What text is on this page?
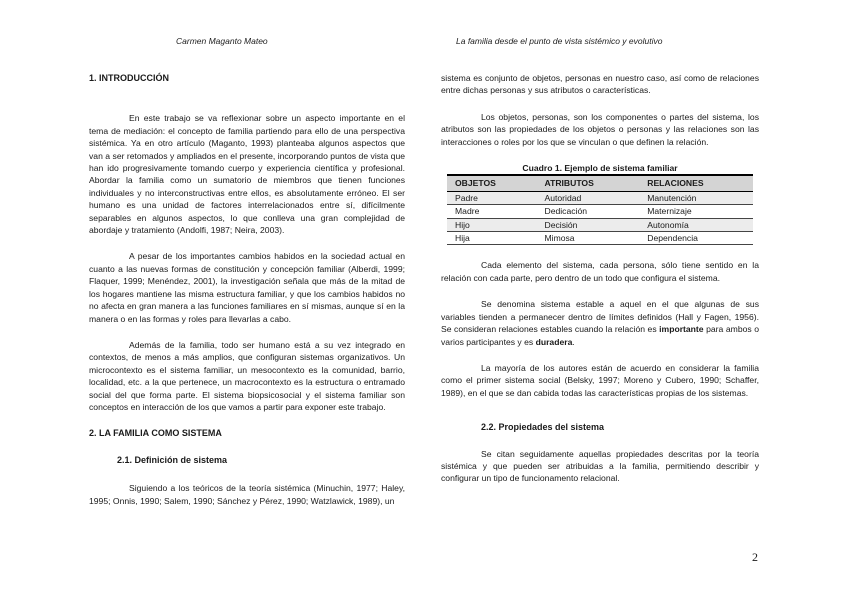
Carmen Maganto Mateo	La familia desde el punto de vista sistémico y evolutivo
1. INTRODUCCIÓN

En este trabajo se va reflexionar sobre un aspecto importante en el tema de mediación: el concepto de familia partiendo para ello de una perspectiva sistémica. Ya en otro artículo (Maganto, 1993) planteaba algunos aspectos que van a ser retomados y ampliados en el presente, incorporando puntos de vista que han ido progresivamente tomando cuerpo y experiencia científica y profesional. Abordar la familia como un sumatorio de miembros que tienen funciones individuales y no interconstructivas entre ellos, es absolutamente erróneo. El ser humano es una unidad de factores interrelacionados entre sí, difícilmente separables en algunos aspectos, lo que conlleva una gran complejidad de abordaje y tratamiento (Andolfi, 1987; Neira, 2003).

A pesar de los importantes cambios habidos en la sociedad actual en cuanto a las nuevas formas de constitución y concepción familiar (Alberdi, 1999; Flaquer, 1999; Menéndez, 2001), la investigación señala que más de la mitad de los hogares mantiene las misma estructura familiar, y que los cambios habidos no no afecta en gran manera a las funciones familiares en sí mismas, aunque sí en la manera o en las formas y roles para llevarlas a cabo.

Además de la familia, todo ser humano está a su vez integrado en contextos, de menos a más amplios, que configuran sistemas organizativos. Un microcontexto es el sistema familiar, un mesocontexto es la comunidad, barrio, localidad, etc. a la que pertenece, un macrocontexto es la estructura o entramado social del que forma parte. El sistema biopsicosocial y el sistema familiar son conceptos en interacción de los que vamos a partir para exponer este trabajo.

2. LA FAMILIA COMO SISTEMA
2.1. Definición de sistema

Siguiendo a los teóricos de la teoría sistémica (Minuchin, 1977; Haley, 1995; Onnis, 1990; Salem, 1990; Sánchez y Pérez, 1990; Watzlawick, 1989), un

sistema es conjunto de objetos, personas en nuestro caso, así como de relaciones entre dichas personas y sus atributos o características.

Los objetos, personas, son los componentes o partes del sistema, los atributos son las propiedades de los objetos o personas y las relaciones son las interacciones o roles por los que se vinculan o que definen la relación.

Cuadro 1. Ejemplo de sistema familiar
OBJETOS	ATRIBUTOS	RELACIONES
Padre	Autoridad	Manutención
Madre	Dedicación	Maternizaje
Hijo	Decisión	Autonomía
Hija	Mimosa	Dependencia

Cada elemento del sistema, cada persona, sólo tiene sentido en la relación con cada parte, pero dentro de un todo que configura el sistema.

Se denomina sistema estable a aquel en el que algunas de sus variables tienden a permanecer dentro de límites definidos (Hall y Fagen, 1956). Se consideran relaciones estables cuando la relación es importante para ambos o varios participantes y es duradera.

La mayoría de los autores están de acuerdo en considerar la familia como el primer sistema social (Belsky, 1997; Moreno y Cubero, 1990; Schaffer, 1989), en el que se dan cabida todas las características propias de los sistemas.

2.2. Propiedades del sistema

Se citan seguidamente aquellas propiedades descritas por la teoría sistémica y que pueden ser atribuidas a la familia, permitiendo describir y configurar un tipo de funcionamento relacional.

2
